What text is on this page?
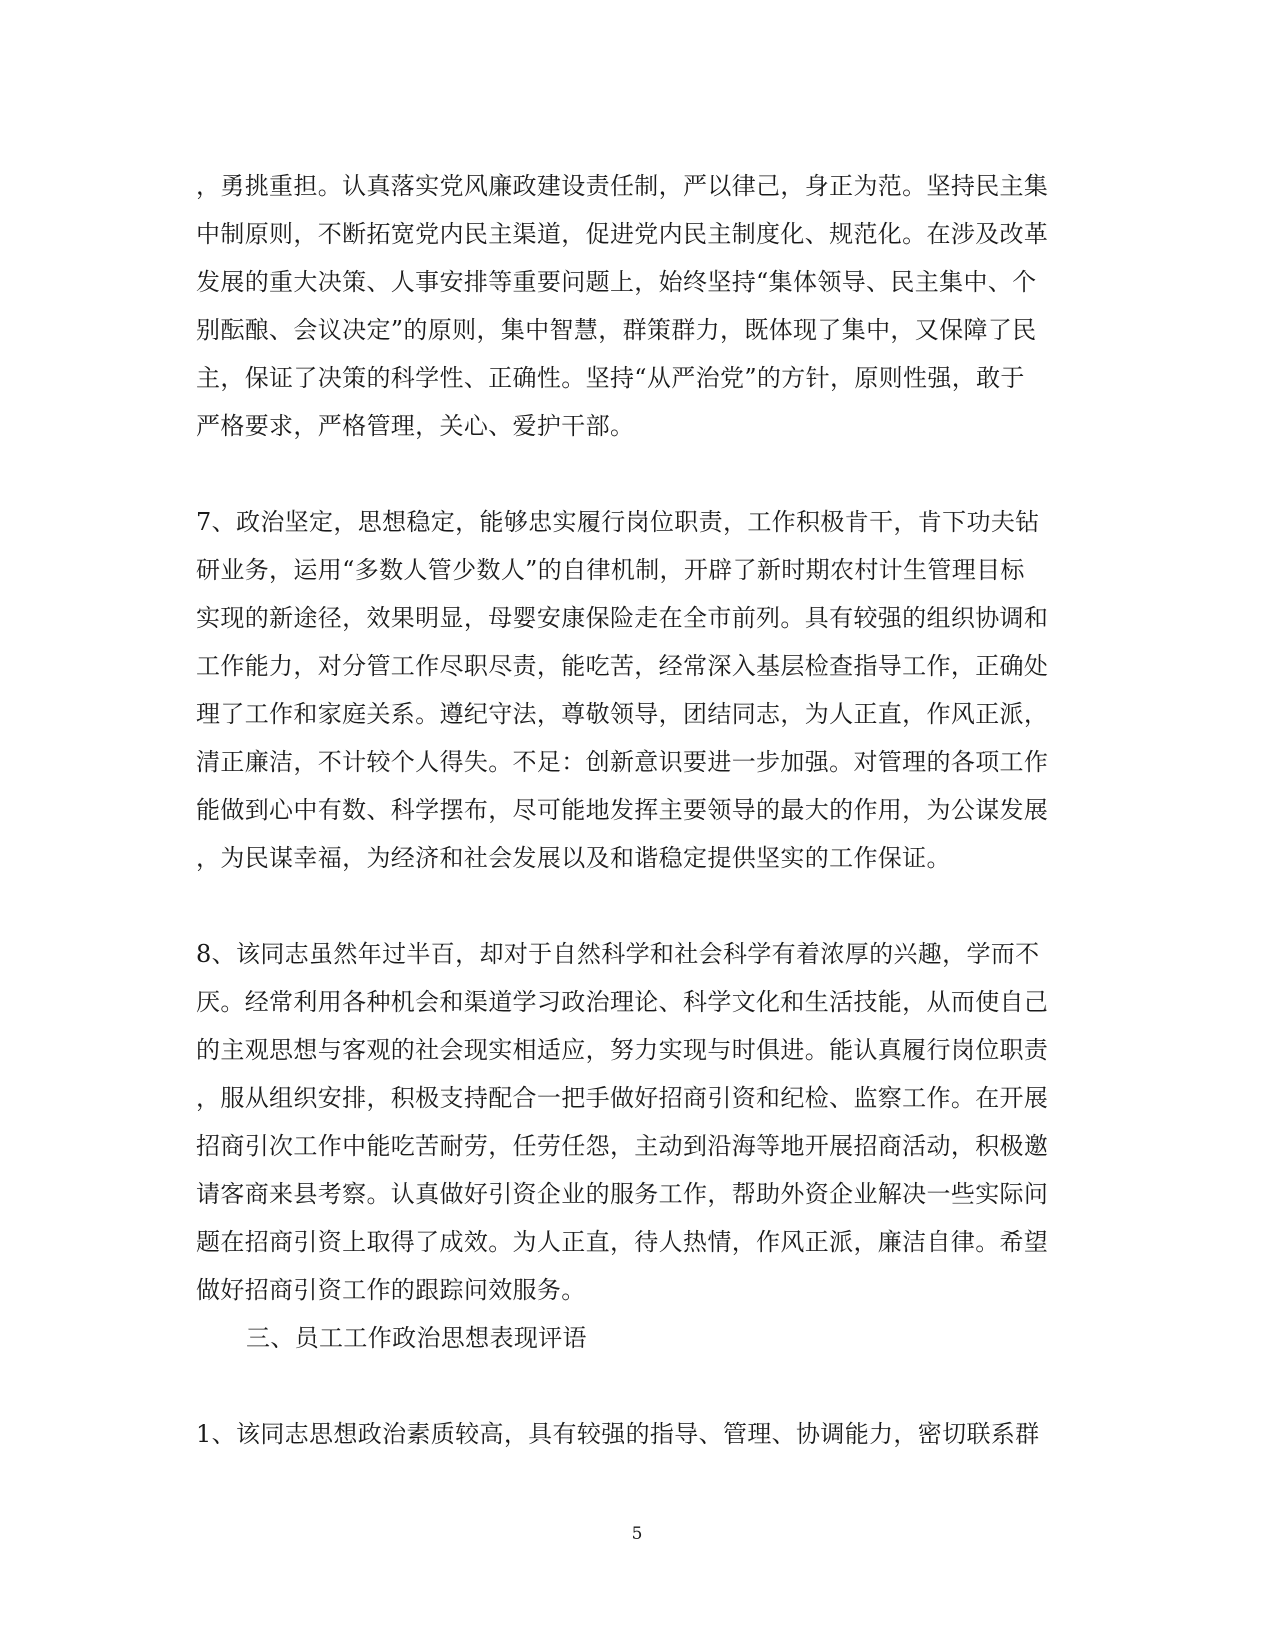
，勇挑重担。认真落实党风廉政建设责任制，严以律己，身正为范。坚持民主集
中制原则，不断拓宽党内民主渠道，促进党内民主制度化、规范化。在涉及改革
发展的重大决策、人事安排等重要问题上，始终坚持“集体领导、民主集中、个
别酝酿、会议决定”的原则，集中智慧，群策群力，既体现了集中，又保障了民
主，保证了决策的科学性、正确性。坚持“从严治党”的方针，原则性强，敢于
严格要求，严格管理，关心、爱护干部。
7、政治坚定，思想稳定，能够忠实履行岗位职责，工作积极肯干，肯下功夫钻
研业务，运用“多数人管少数人”的自律机制，开辟了新时期农村计生管理目标
实现的新途径，效果明显，母婴安康保险走在全市前列。具有较强的组织协调和
工作能力，对分管工作尽职尽责，能吃苦，经常深入基层检查指导工作，正确处
理了工作和家庭关系。遵纪守法，尊敬领导，团结同志，为人正直，作风正派，
清正廉洁，不计较个人得失。不足：创新意识要进一步加强。对管理的各项工作
能做到心中有数、科学摆布，尽可能地发挥主要领导的最大的作用，为公谋发展
，为民谋幸福，为经济和社会发展以及和谐稳定提供坚实的工作保证。
8、该同志虽然年过半百，却对于自然科学和社会科学有着浓厚的兴趣，学而不
厌。经常利用各种机会和渠道学习政治理论、科学文化和生活技能，从而使自己
的主观思想与客观的社会现实相适应，努力实现与时俱进。能认真履行岗位职责
，服从组织安排，积极支持配合一把手做好招商引资和纪检、监察工作。在开展
招商引次工作中能吃苦耐劳，任劳任怨，主动到沿海等地开展招商活动，积极邀
请客商来县考察。认真做好引资企业的服务工作，帮助外资企业解决一些实际问
题在招商引资上取得了成效。为人正直，待人热情，作风正派，廉洁自律。希望
做好招商引资工作的跟踪问效服务。
三、员工工作政治思想表现评语
1、该同志思想政治素质较高，具有较强的指导、管理、协调能力，密切联系群
5
